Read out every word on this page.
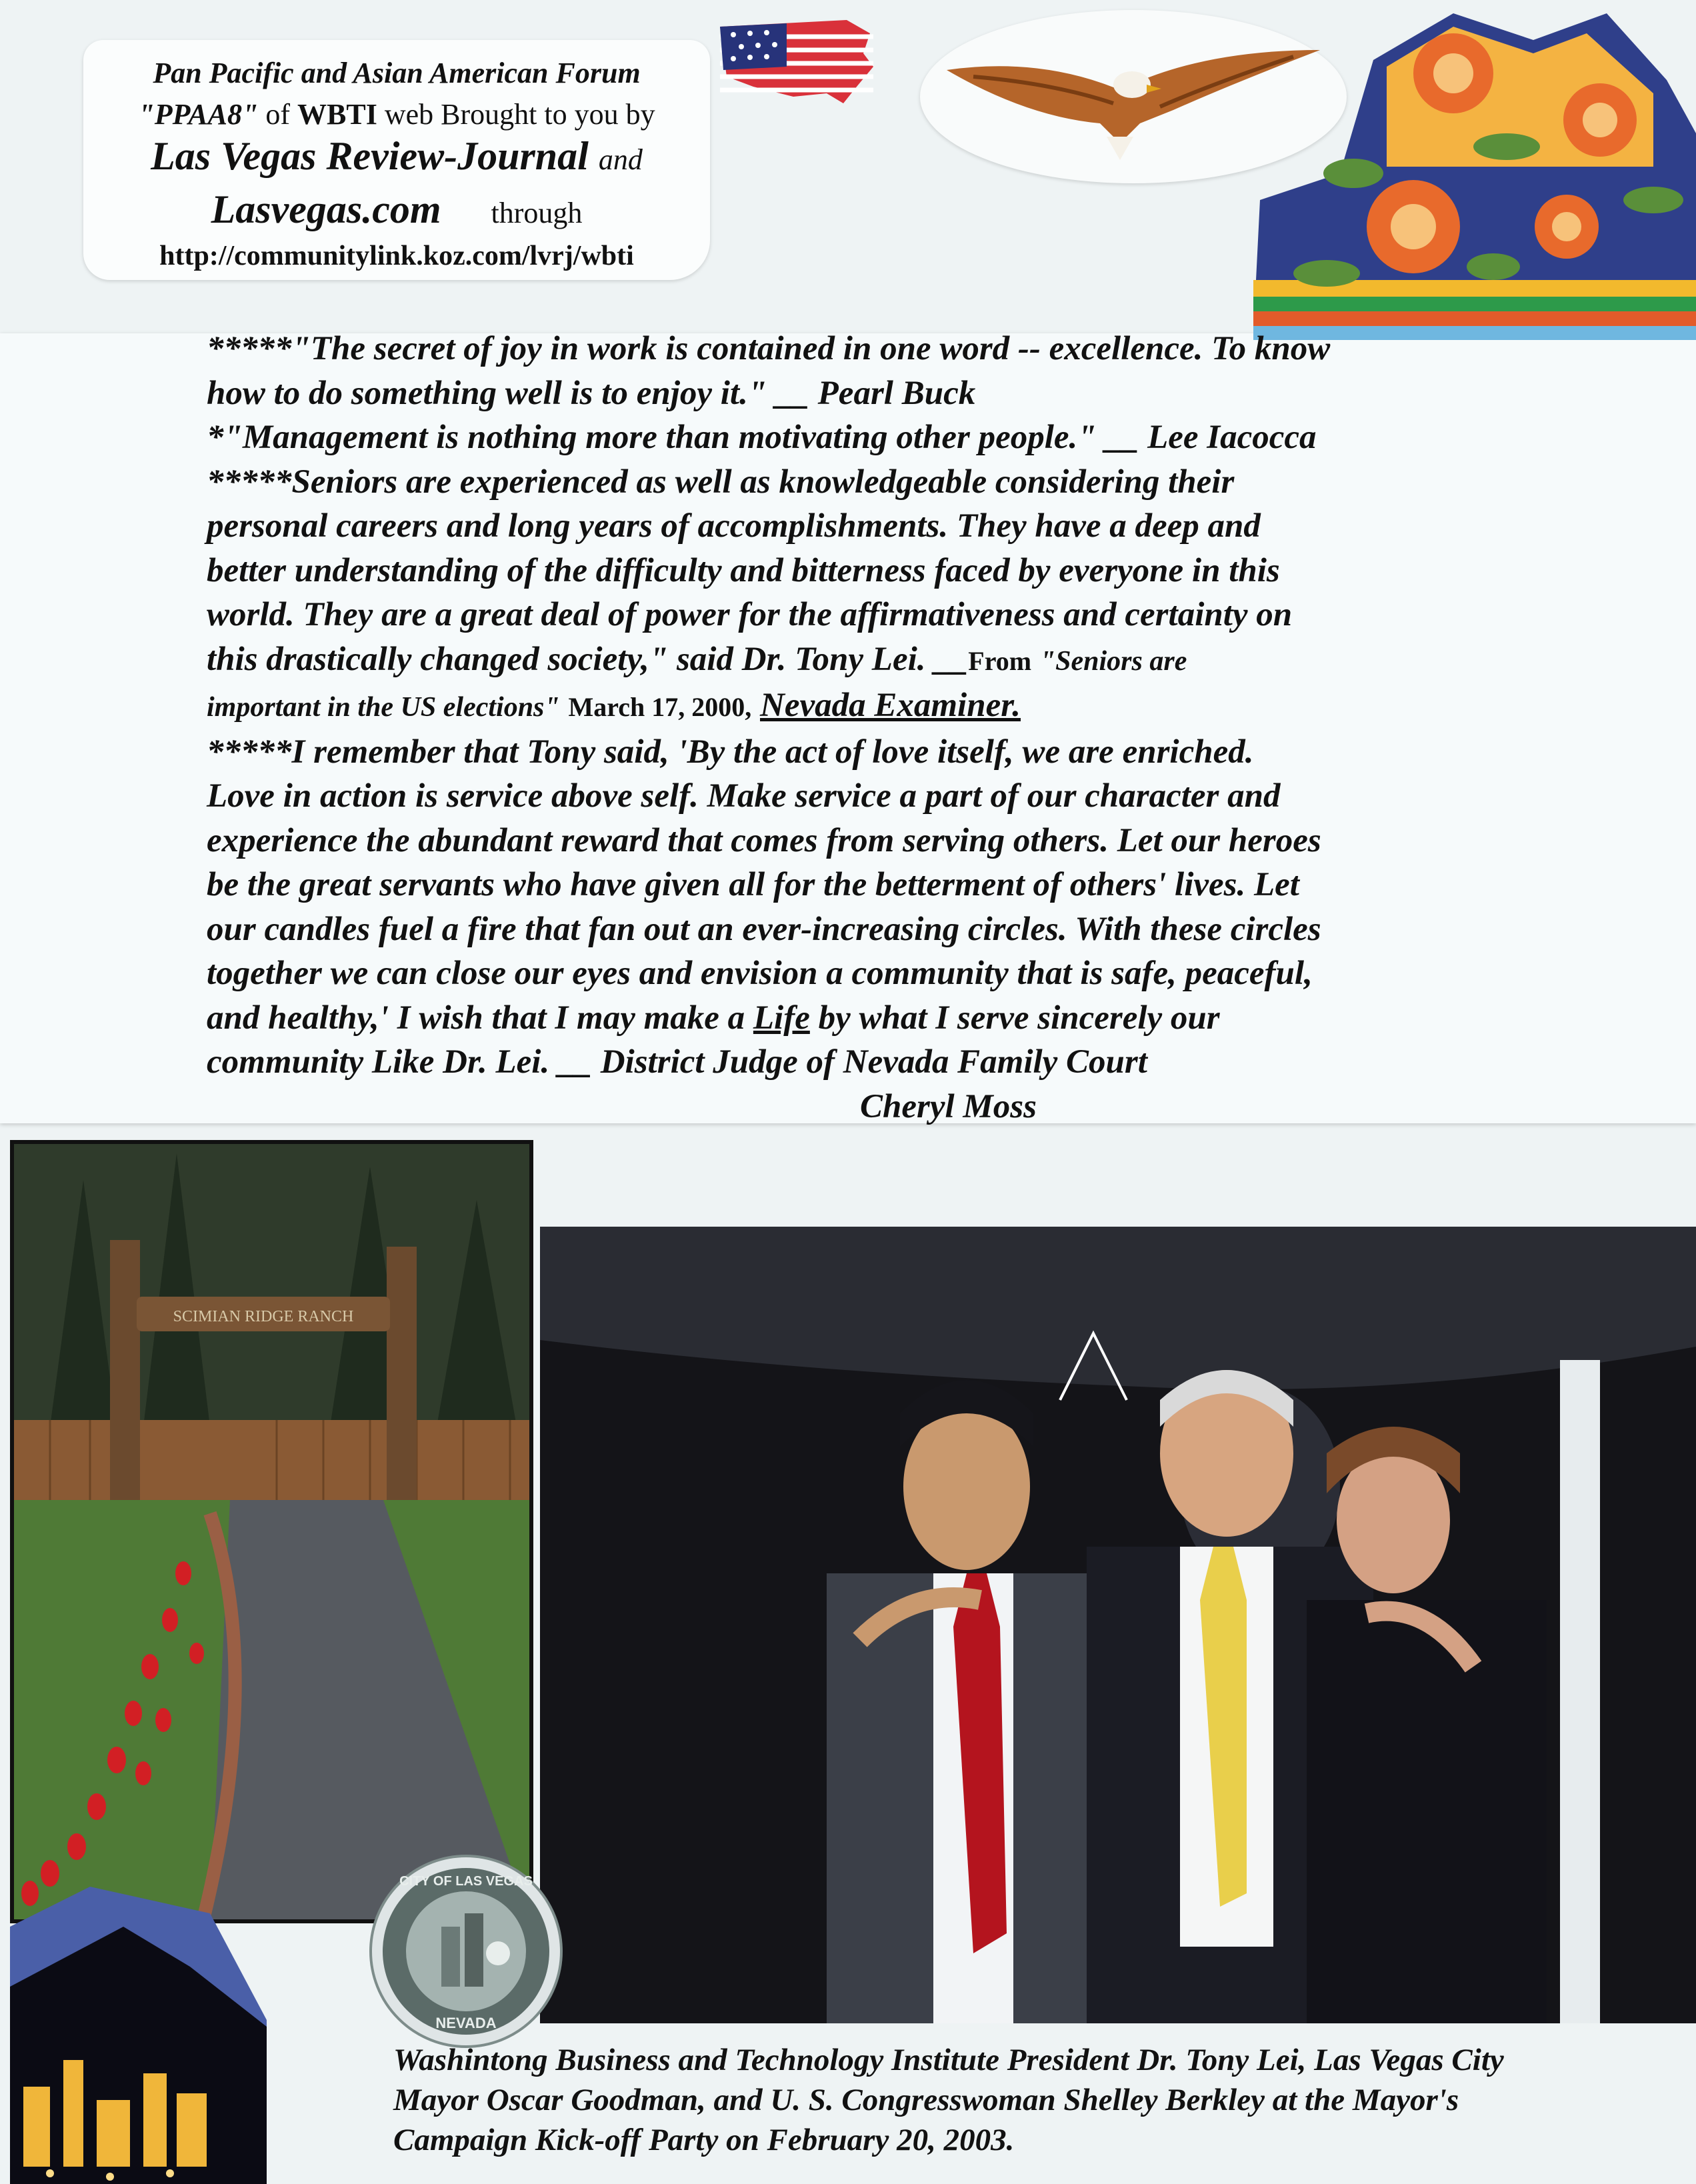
Pan Pacific and Asian American Forum
"PPAA8" of WBTI web Brought to you by
Las Vegas Review-Journal and
Lasvegas.com through
http://communitylink.koz.com/lvrj/wbti
*****"The secret of joy in work is contained in one word -- excellence. To know
how to do something well is to enjoy it." __ Pearl Buck
*"Management is nothing more than motivating other people." __ Lee Iacocca
*****Seniors are experienced as well as knowledgeable considering their
personal careers and long years of accomplishments. They have a deep and
better understanding of the difficulty and bitterness faced by everyone in this
world. They are a great deal of power for the affirmativeness and certainty on
this drastically changed society," said Dr. Tony Lei. __From "Seniors are
important in the US elections" March 17, 2000, Nevada Examiner.
*****I remember that Tony said, 'By the act of love itself, we are enriched.
Love in action is service above self. Make service a part of our character and
experience the abundant reward that comes from serving others. Let our heroes
be the great servants who have given all for the betterment of others' lives. Let
our candles fuel a fire that fan out an ever-increasing circles. With these circles
together we can close our eyes and envision a community that is safe, peaceful,
and healthy,' I wish that I may make a Life by what I serve sincerely our
community Like Dr. Lei. __ District Judge of Nevada Family Court
Cheryl Moss
SCIMIAN RIDGE RANCH
CITY OF LAS VEGAS
NEVADA
Washintong Business and Technology Institute President Dr. Tony Lei, Las Vegas City
Mayor Oscar Goodman, and U. S. Congresswoman Shelley Berkley at the Mayor's
Campaign Kick-off Party on February 20, 2003.
